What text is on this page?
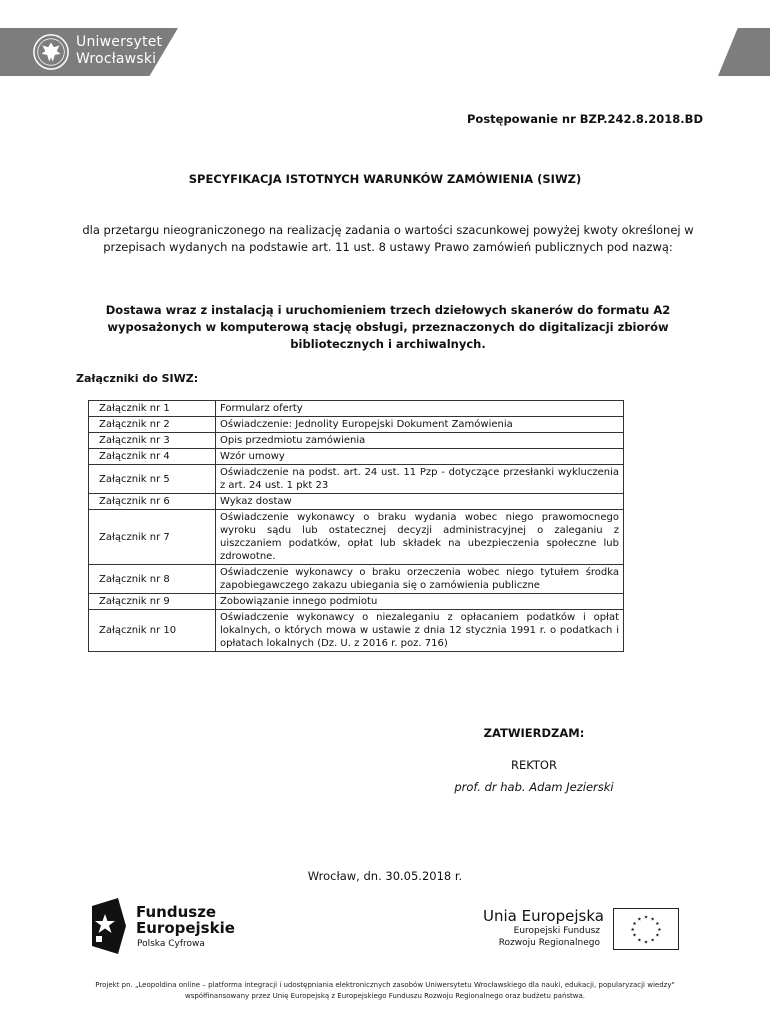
Uniwersytet
Wrocławski
Postępowanie nr BZP.242.8.2018.BD
SPECYFIKACJA ISTOTNYCH WARUNKÓW ZAMÓWIENIA (SIWZ)
dla przetargu nieograniczonego na realizację zadania o wartości szacunkowej powyżej kwoty określonej w przepisach wydanych na podstawie art. 11 ust. 8 ustawy Prawo zamówień publicznych pod nazwą:
Dostawa wraz z instalacją i uruchomieniem trzech dziełowych skanerów do formatu A2 wyposażonych w komputerową stację obsługi, przeznaczonych do digitalizacji zbiorów bibliotecznych i archiwalnych.
Załączniki do SIWZ:
Załącznik nr 1	Formularz oferty
Załącznik nr 2	Oświadczenie: Jednolity Europejski Dokument Zamówienia
Załącznik nr 3	Opis przedmiotu zamówienia
Załącznik nr 4	Wzór umowy
Załącznik nr 5	Oświadczenie na podst. art. 24 ust. 11 Pzp - dotyczące przesłanki wykluczenia z art. 24 ust. 1 pkt 23
Załącznik nr 6	Wykaz dostaw
Załącznik nr 7	Oświadczenie wykonawcy o braku wydania wobec niego prawomocnego wyroku sądu lub ostatecznej decyzji administracyjnej o zaleganiu z uiszczaniem podatków, opłat lub składek na ubezpieczenia społeczne lub zdrowotne.
Załącznik nr 8	Oświadczenie wykonawcy o braku orzeczenia wobec niego tytułem środka zapobiegawczego zakazu ubiegania się o zamówienia publiczne
Załącznik nr 9	Zobowiązanie innego podmiotu
Załącznik nr 10	Oświadczenie wykonawcy o niezaleganiu z opłacaniem podatków i opłat lokalnych, o których mowa w ustawie z dnia 12 stycznia 1991 r. o podatkach i opłatach lokalnych (Dz. U. z 2016 r. poz. 716)
ZATWIERDZAM:
REKTOR
prof. dr hab. Adam Jezierski
Wrocław, dn. 30.05.2018 r.
Fundusze
Europejskie
Polska Cyfrowa
Unia Europejska
Europejski Fundusz
Rozwoju Regionalnego
★ ★
★
★
★
★
★
★
★
★
★
★
Projekt pn. „Leopoldina online – platforma integracji i udostępniania elektronicznych zasobów Uniwersytetu Wrocławskiego dla nauki, edukacji, popularyzacji wiedzy"
współfinansowany przez Unię Europejską z Europejskiego Funduszu Rozwoju Regionalnego oraz budżetu państwa.
